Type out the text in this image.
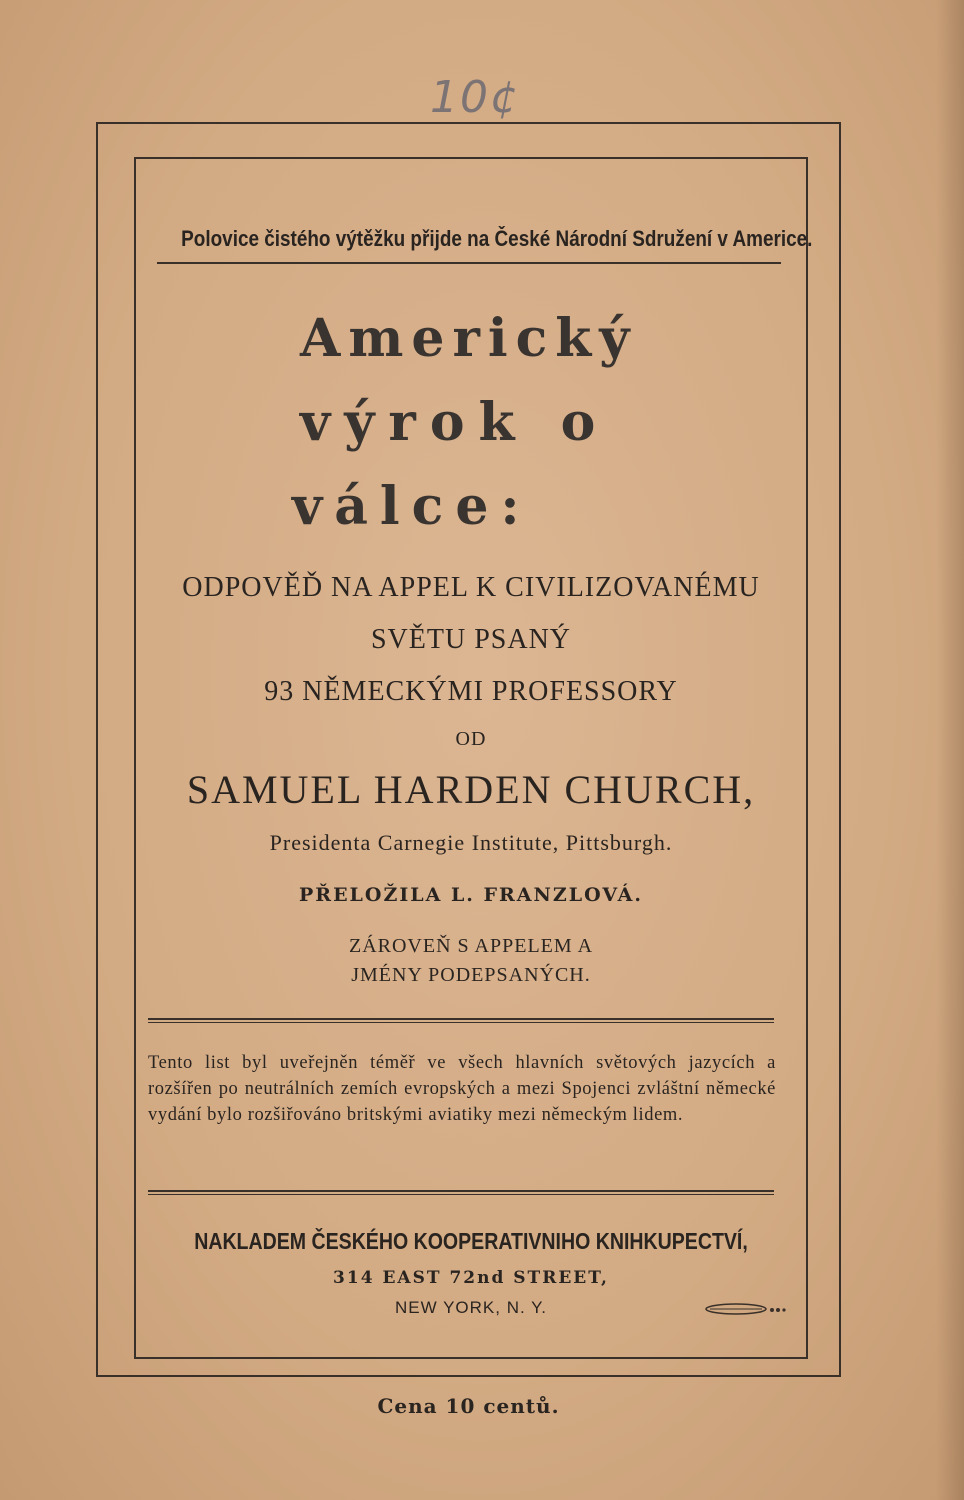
10¢
Polovice čistého výtěžku přijde na České Národní Sdružení v Americe.
Americký
výrok o
válce:
ODPOVĚĎ NA APPEL K CIVILIZOVANÉMU
SVĚTU PSANÝ
93 NĚMECKÝMI PROFESSORY
OD
SAMUEL HARDEN CHURCH,
Presidenta Carnegie Institute, Pittsburgh.
PŘELOŽILA L. FRANZLOVÁ.
ZÁROVEŇ S APPELEM A
JMÉNY PODEPSANÝCH.
Tento list byl uveřejněn téměř ve všech hlavních světových jazycích a rozšířen po neutrálních zemích evropských a mezi Spojenci zvláštní německé vydání bylo rozšiřováno britskými aviatiky mezi německým lidem.
NAKLADEM ČESKÉHO KOOPERATIVNIHO KNIHKUPECTVÍ,
314 EAST 72nd STREET,
NEW YORK, N. Y.
Cena 10 centů.
